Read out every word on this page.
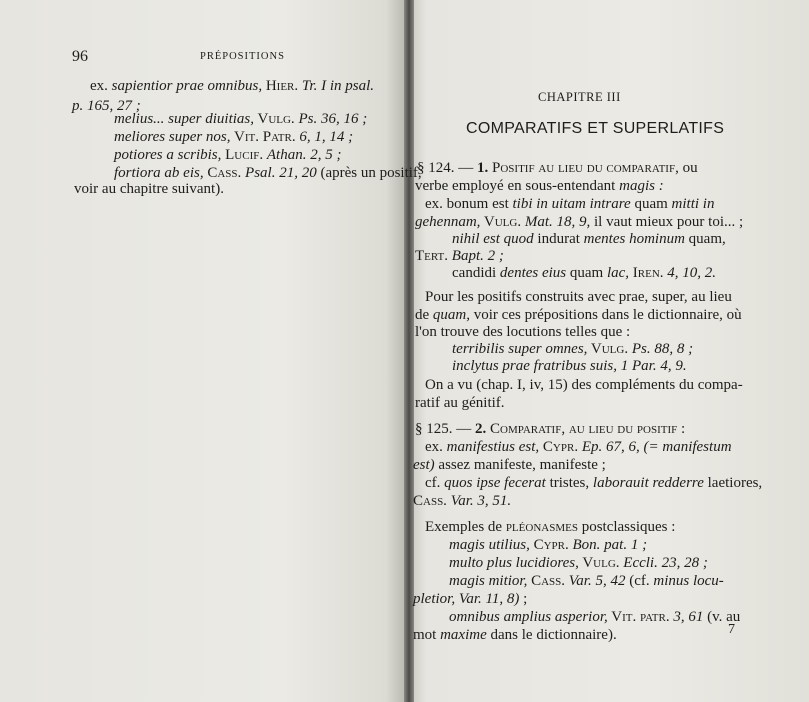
96	PRÉPOSITIONS
ex. sapientior prae omnibus, Hier. Tr. I in psal.
p. 165, 27 ;
melius... super diuitias, Vulg. Ps. 36, 16 ;
meliores super nos, Vit. Patr. 6, 1, 14 ;
potiores a scribis, Lucif. Athan. 2, 5 ;
fortiora ab eis, Cass. Psal. 21, 20 (après un positif,
voir au chapitre suivant).
CHAPITRE III
COMPARATIFS ET SUPERLATIFS
§ 124. — 1. Positif au lieu du comparatif, ou
verbe employé en sous-entendant magis :
ex. bonum est tibi in uitam intrare quam mitti in
gehennam, Vulg. Mat. 18, 9, il vaut mieux pour toi... ;
nihil est quod indurat mentes hominum quam,
Tert. Bapt. 2 ;
candidi dentes eius quam lac, Iren. 4, 10, 2.
Pour les positifs construits avec prae, super, au lieu
de quam, voir ces prépositions dans le dictionnaire, où
l'on trouve des locutions telles que :
terribilis super omnes, Vulg. Ps. 88, 8 ;
inclytus prae fratribus suis, 1 Par. 4, 9.
On a vu (chap. I, iv, 15) des compléments du compa-
ratif au génitif.
§ 125. — 2. Comparatif, au lieu du positif :
ex. manifestius est, Cypr. Ep. 67, 6, (= manifestum
est) assez manifeste, manifeste ;
cf. quos ipse fecerat tristes, laborauit redderre laetiores,
Cass. Var. 3, 51.
Exemples de pléonasmes postclassiques :
magis utilius, Cypr. Bon. pat. 1 ;
multo plus lucidiores, Vulg. Eccli. 23, 28 ;
magis mitior, Cass. Var. 5, 42 (cf. minus locu-
pletior, Var. 11, 8) ;
omnibus amplius asperior, Vit. patr. 3, 61 (v. au
mot maxime dans le dictionnaire).	7
